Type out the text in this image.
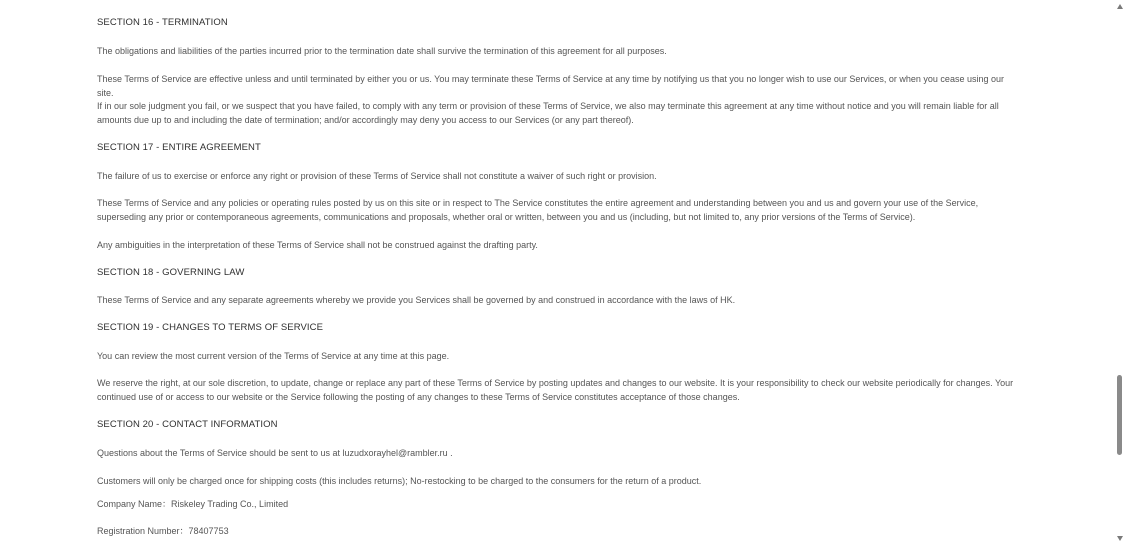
SECTION 16 - TERMINATION

The obligations and liabilities of the parties incurred prior to the termination date shall survive the termination of this agreement for all purposes.

These Terms of Service are effective unless and until terminated by either you or us. You may terminate these Terms of Service at any time by notifying us that you no longer wish to use our Services, or when you cease using our site.

If in our sole judgment you fail, or we suspect that you have failed, to comply with any term or provision of these Terms of Service, we also may terminate this agreement at any time without notice and you will remain liable for all amounts due up to and including the date of termination; and/or accordingly may deny you access to our Services (or any part thereof).

SECTION 17 - ENTIRE AGREEMENT

The failure of us to exercise or enforce any right or provision of these Terms of Service shall not constitute a waiver of such right or provision.

These Terms of Service and any policies or operating rules posted by us on this site or in respect to The Service constitutes the entire agreement and understanding between you and us and govern your use of the Service, superseding any prior or contemporaneous agreements, communications and proposals, whether oral or written, between you and us (including, but not limited to, any prior versions of the Terms of Service).

Any ambiguities in the interpretation of these Terms of Service shall not be construed against the drafting party.

SECTION 18 - GOVERNING LAW

These Terms of Service and any separate agreements whereby we provide you Services shall be governed by and construed in accordance with the laws of HK.

SECTION 19 - CHANGES TO TERMS OF SERVICE

You can review the most current version of the Terms of Service at any time at this page.

We reserve the right, at our sole discretion, to update, change or replace any part of these Terms of Service by posting updates and changes to our website. It is your responsibility to check our website periodically for changes. Your continued use of or access to our website or the Service following the posting of any changes to these Terms of Service constitutes acceptance of those changes.

SECTION 20 - CONTACT INFORMATION

Questions about the Terms of Service should be sent to us at luzudxorayhel@rambler.ru .

Customers will only be charged once for shipping costs (this includes returns); No-restocking to be charged to the consumers for the return of a product.

Company Name：Riskeley Trading Co., Limited

Registration Number：78407753
